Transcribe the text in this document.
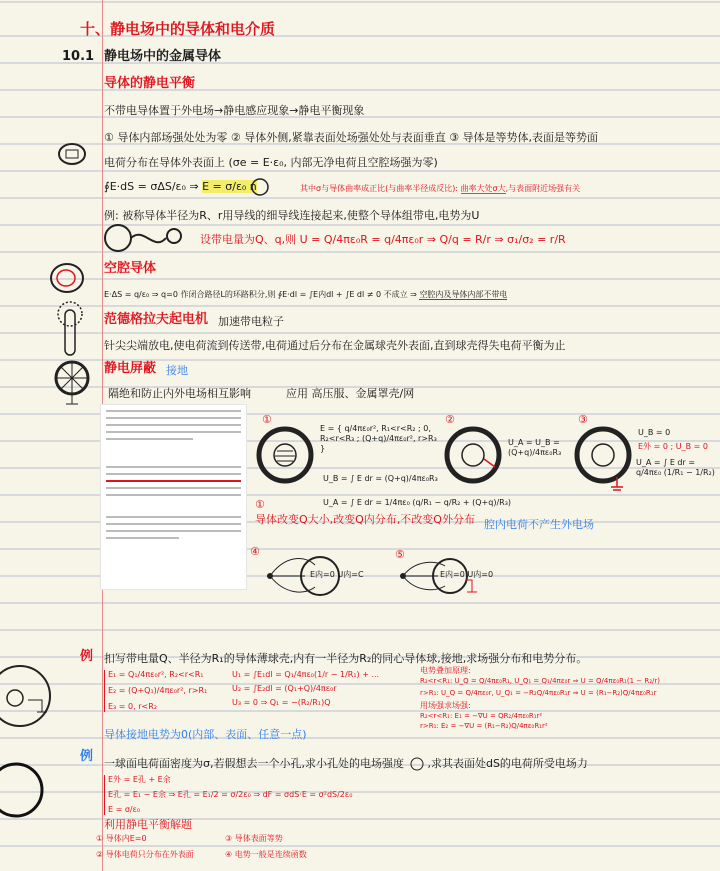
十、静电场中的导体和电介质
10.1 静电场中的金属导体
导体的静电平衡
不带电导体置于外电场→静电感应现象→静电平衡现象
① 导体内部场强处处为零 ② 导体外侧,紧靠表面处场强处处与表面垂直 ③ 导体是等势体,表面是等势面
电荷分布在导体外表面上 (σe = E·ε₀, 内部无净电荷且空腔场强为零)
∮E·dS = σΔS/ε₀ ⇒ E = σ/ε₀ n	其中σ与导体曲率成正比(与曲率半径成反比): 曲率大处σ大,与表面附近场强有关
例: 被称导体半径为R、r用导线的细导线连接起来,使整个导体组带电,电势为U
设带电量为Q、q,则 U = Q/4πε₀R = q/4πε₀r ⇒ Q/q = R/r ⇒ σ₁/σ₂ = r/R
空腔导体
E·ΔS = q/ε₀ ⇒ q=0 作闭合路径L的环路积分,则 ∮E·dl = ∫E内dl + ∫E dl ≠ 0 不成立 ⇒ 空腔内及导体内部不带电
范德格拉夫起电机 加速带电粒子
针尖尖端放电,使电荷流到传送带,电荷通过后分布在金属球壳外表面,直到球壳得失电荷平衡为止
静电屏蔽 接地
隔绝和防止内外电场相互影响	应用 高压服、金属罩壳/网
①
E = { q/4πε₀r², R₁<r<R₂ ; 0, R₂<r<R₃ ; (Q+q)/4πε₀r², r>R₃ }
U_B = ∫ E dr = (Q+q)/4πε₀R₃
U_A = ∫ E dr = 1/4πε₀ (q/R₁ − q/R₂ + (Q+q)/R₃)
②
U_A = U_B = (Q+q)/4πε₀R₃
③
U_B = 0
E外 = 0 ; U_B = 0
U_A = ∫ E dr = q/4πε₀ (1/R₁ − 1/R₂)
①
导体改变Q大小,改变Q内分布,不改变Q外分布 腔内电荷不产生外电场
④
E内=0 U内=C
⑤
E内=0 U内=0
例 扣写带电量Q、半径为R₁的导体薄球壳,内有一半径为R₂的同心导体球,接地,求场强分布和电势分布。
E₁ = Q₁/4πε₀r², R₂<r<R₁
E₂ = (Q+Q₁)/4πε₀r², r>R₁
E₃ = 0, r<R₂
U₁ = ∫E₁dl = Q₁/4πε₀(1/r − 1/R₁) + ...
U₂ = ∫E₂dl = (Q₁+Q)/4πε₀r
U₃ = 0 ⇒ Q₁ = −(R₂/R₁)Q
电势叠加原理:
R₂<r<R₁: U_Q = Q/4πε₀R₁, U_Q₁ = Q₁/4πε₀r ⇒ U = Q/4πε₀R₁(1 − R₂/r)
r>R₁: U_Q = Q/4πε₀r, U_Q₁ = −R₂Q/4πε₀R₁r ⇒ U = (R₁−R₂)Q/4πε₀R₁r
用场强求场强:
R₂<r<R₁: E₁ = −∇U = QR₂/4πε₀R₁r²
r>R₁: E₂ = −∇U = (R₁−R₂)Q/4πε₀R₁r²
导体接地电势为0(内部、表面、任意一点)
例 一球面电荷面密度为σ,若假想去一个小孔,求小孔处的电场强度 ,求其表面处dS的电荷所受电场力
E外 = E孔 + E余
E孔 = E₁ − E余 ⇒ E孔 = E₁/2 = σ/2ε₀ ⇒ dF = σdS·E = σ²dS/2ε₀
E = σ/ε₀
利用静电平衡解题
① 导体内E=0
② 导体电荷只分布在外表面
③ 导体表面等势
④ 电势一般是连续函数
